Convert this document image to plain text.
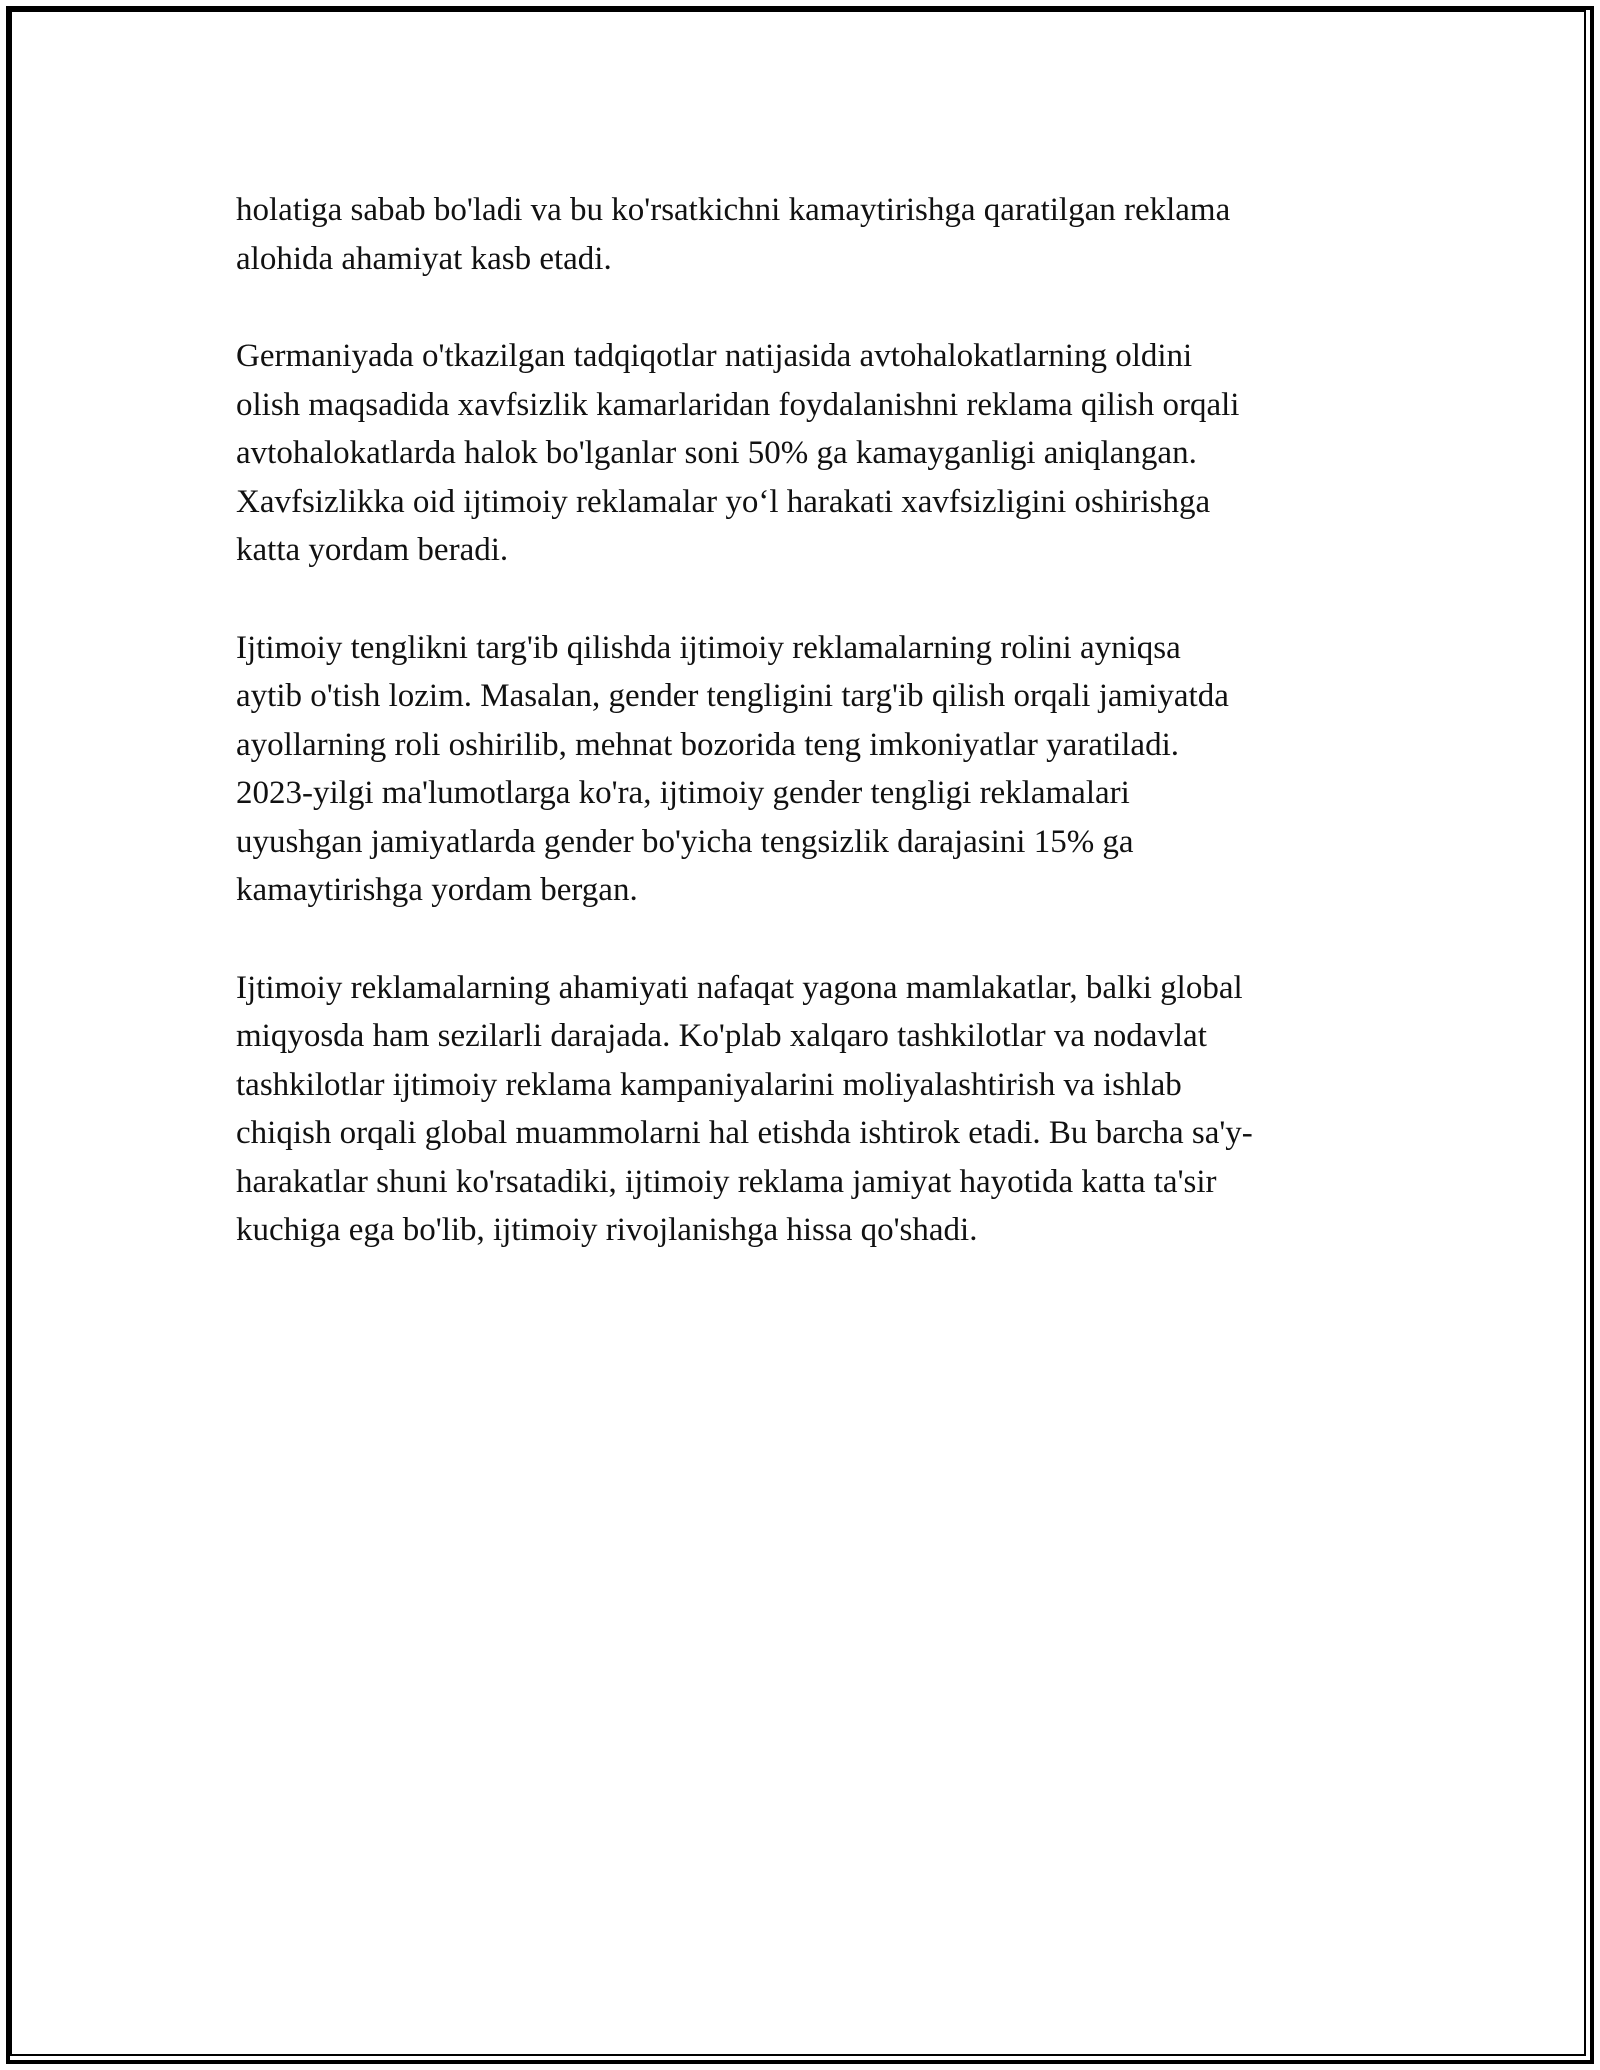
holatiga sabab bo'ladi va bu ko'rsatkichni kamaytirishga qaratilgan reklama
alohida ahamiyat kasb etadi.

Germaniyada o'tkazilgan tadqiqotlar natijasida avtohalokatlarning oldini
olish maqsadida xavfsizlik kamarlaridan foydalanishni reklama qilish orqali
avtohalokatlarda halok bo'lganlar soni 50% ga kamayganligi aniqlangan.
Xavfsizlikka oid ijtimoiy reklamalar yo‘l harakati xavfsizligini oshirishga
katta yordam beradi.

Ijtimoiy tenglikni targ'ib qilishda ijtimoiy reklamalarning rolini ayniqsa
aytib o'tish lozim. Masalan, gender tengligini targ'ib qilish orqali jamiyatda
ayollarning roli oshirilib, mehnat bozorida teng imkoniyatlar yaratiladi.
2023-yilgi ma'lumotlarga ko'ra, ijtimoiy gender tengligi reklamalari
uyushgan jamiyatlarda gender bo'yicha tengsizlik darajasini 15% ga
kamaytirishga yordam bergan.

Ijtimoiy reklamalarning ahamiyati nafaqat yagona mamlakatlar, balki global
miqyosda ham sezilarli darajada. Ko'plab xalqaro tashkilotlar va nodavlat
tashkilotlar ijtimoiy reklama kampaniyalarini moliyalashtirish va ishlab
chiqish orqali global muammolarni hal etishda ishtirok etadi. Bu barcha sa'y-
harakatlar shuni ko'rsatadiki, ijtimoiy reklama jamiyat hayotida katta ta'sir
kuchiga ega bo'lib, ijtimoiy rivojlanishga hissa qo'shadi.
